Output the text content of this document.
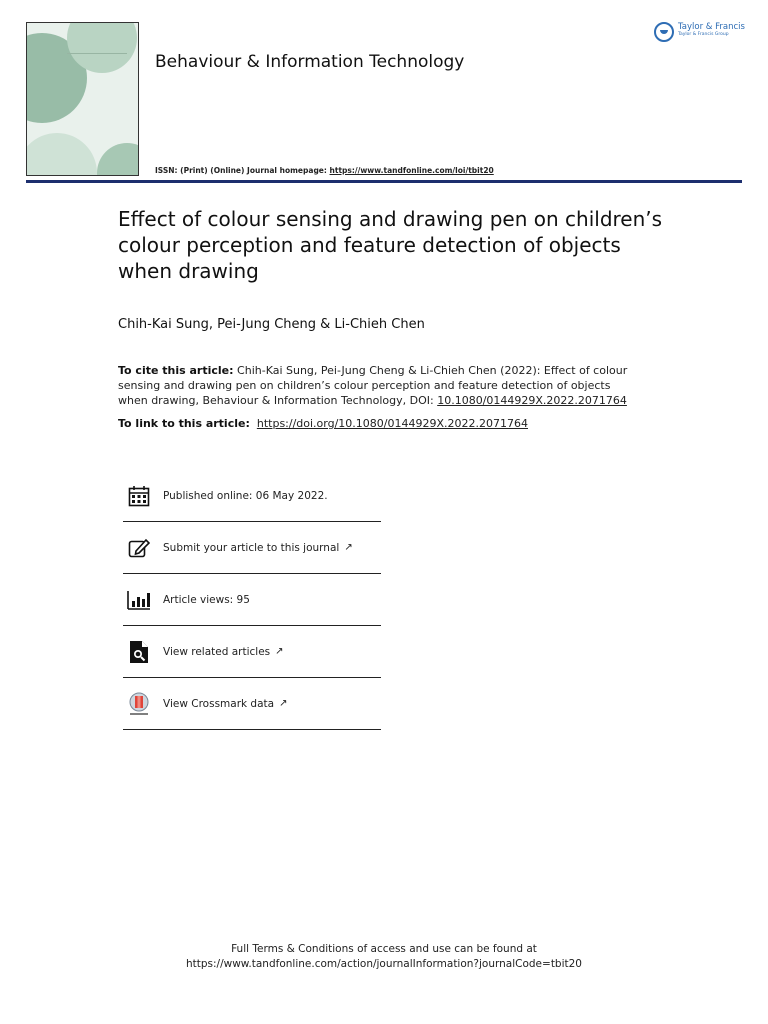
Behaviour & Information Technology
ISSN: (Print) (Online) Journal homepage: https://www.tandfonline.com/loi/tbit20
Taylor & Francis
Taylor & Francis Group
Effect of colour sensing and drawing pen on children’s colour perception and feature detection of objects when drawing
Chih-Kai Sung, Pei-Jung Cheng & Li-Chieh Chen
To cite this article: Chih-Kai Sung, Pei-Jung Cheng & Li-Chieh Chen (2022): Effect of colour sensing and drawing pen on children’s colour perception and feature detection of objects when drawing, Behaviour & Information Technology, DOI: 10.1080/0144929X.2022.2071764
To link to this article: https://doi.org/10.1080/0144929X.2022.2071764
Published online: 06 May 2022.
Submit your article to this journal ↗
Article views: 95
View related articles ↗
View Crossmark data ↗
Full Terms & Conditions of access and use can be found at
https://www.tandfonline.com/action/journalInformation?journalCode=tbit20
